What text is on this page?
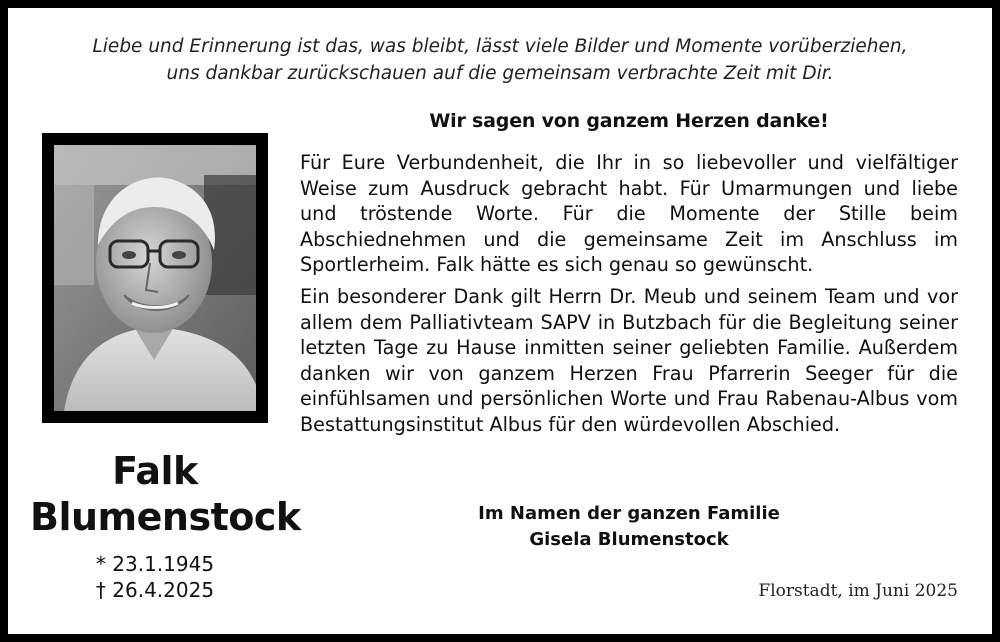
Liebe und Erinnerung ist das, was bleibt, lässt viele Bilder und Momente vorüberziehen,
uns dankbar zurückschauen auf die gemeinsam verbrachte Zeit mit Dir.
Wir sagen von ganzem Herzen danke!

Für Eure Verbundenheit, die Ihr in so liebevoller und vielfältiger Weise zum Ausdruck gebracht habt. Für Umarmungen und liebe und tröstende Worte. Für die Momente der Stille beim Abschiednehmen und die gemeinsame Zeit im Anschluss im Sportlerheim. Falk hätte es sich genau so gewünscht.

Ein besonderer Dank gilt Herrn Dr. Meub und seinem Team und vor allem dem Palliativteam SAPV in Butzbach für die Begleitung seiner letzten Tage zu Hause inmitten seiner geliebten Familie. Außerdem danken wir von ganzem Herzen Frau Pfarrerin Seeger für die einfühlsamen und persönlichen Worte und Frau Rabenau-Albus vom Bestattungsinstitut Albus für den würdevollen Abschied.

Falk
Blumenstock
* 23.1.1945
† 26.4.2025
Im Namen der ganzen Familie
Gisela Blumenstock
Florstadt, im Juni 2025
